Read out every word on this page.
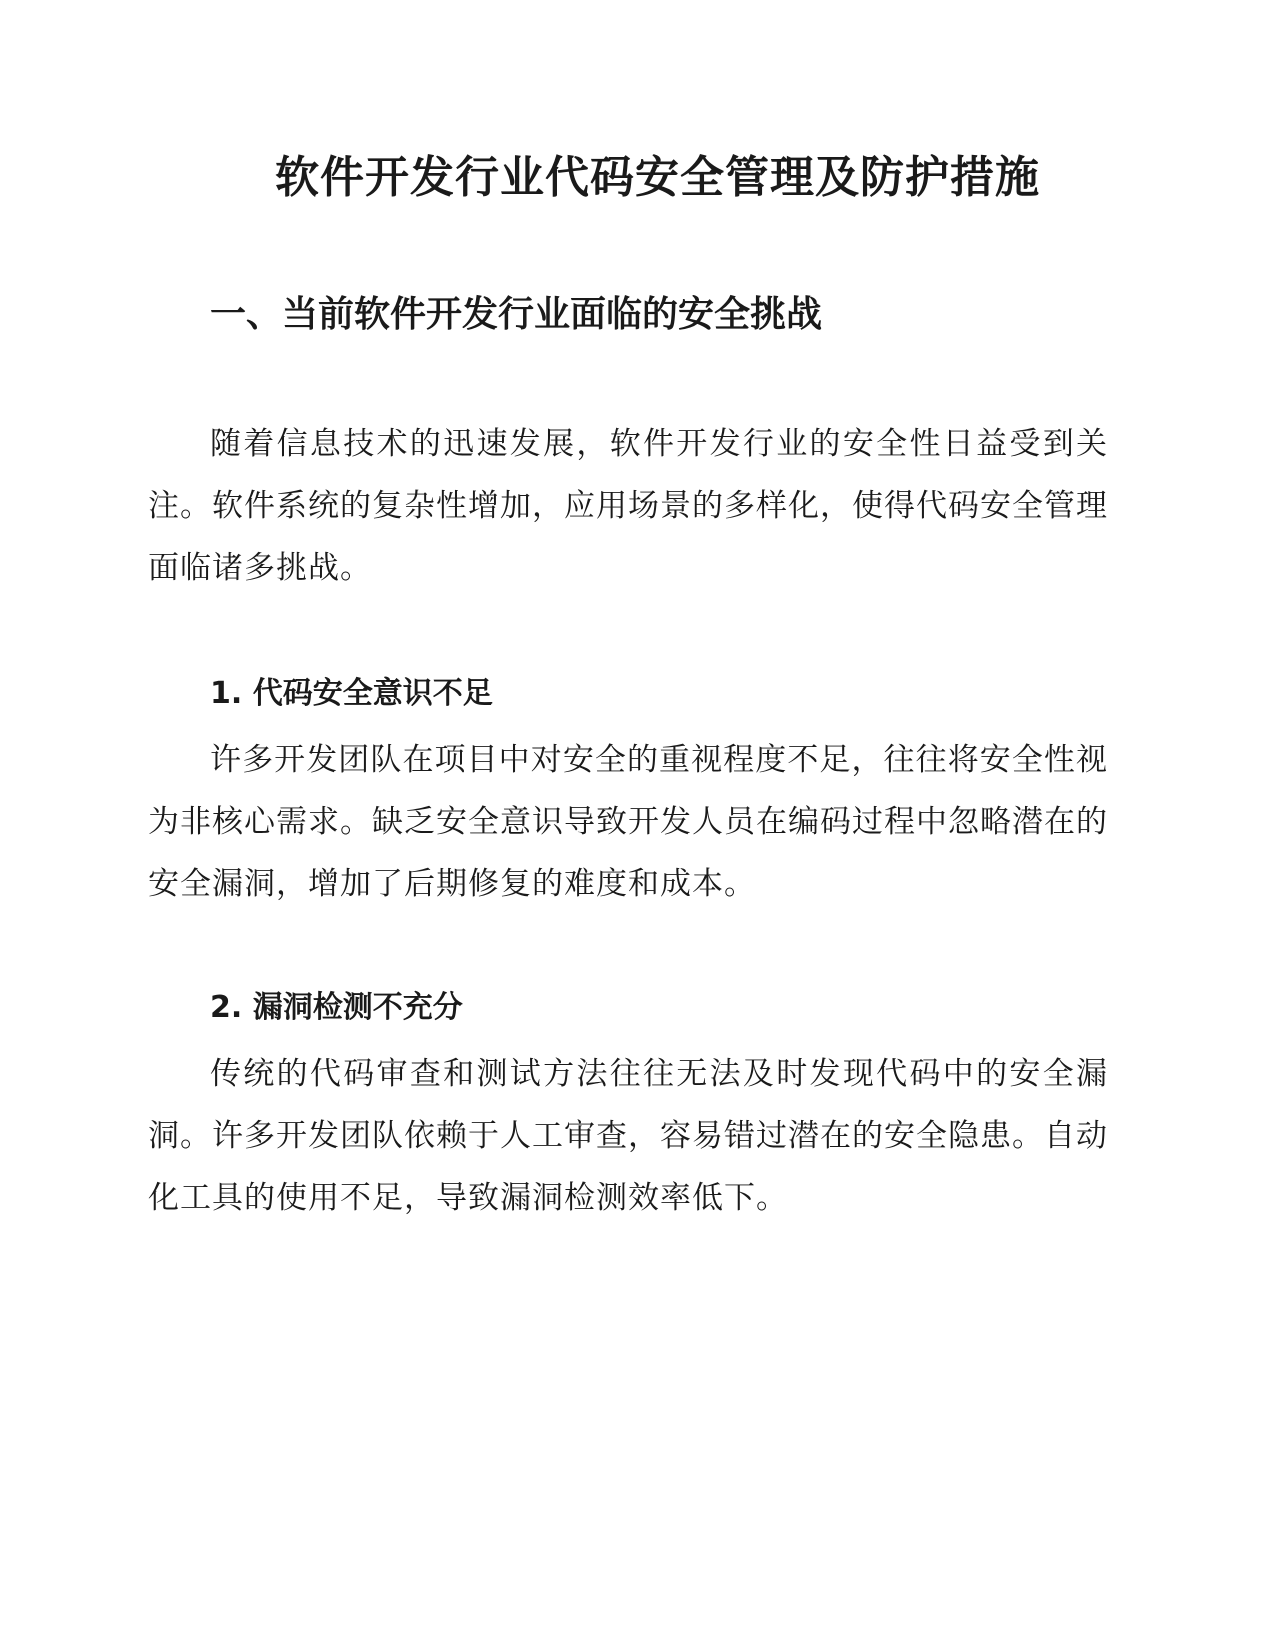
软件开发行业代码安全管理及防护措施
一、当前软件开发行业面临的安全挑战

随着信息技术的迅速发展，软件开发行业的安全性日益受到关注。软件系统的复杂性增加，应用场景的多样化，使得代码安全管理面临诸多挑战。

1. 代码安全意识不足

许多开发团队在项目中对安全的重视程度不足，往往将安全性视为非核心需求。缺乏安全意识导致开发人员在编码过程中忽略潜在的安全漏洞，增加了后期修复的难度和成本。

2. 漏洞检测不充分

传统的代码审查和测试方法往往无法及时发现代码中的安全漏洞。许多开发团队依赖于人工审查，容易错过潜在的安全隐患。自动化工具的使用不足，导致漏洞检测效率低下。
